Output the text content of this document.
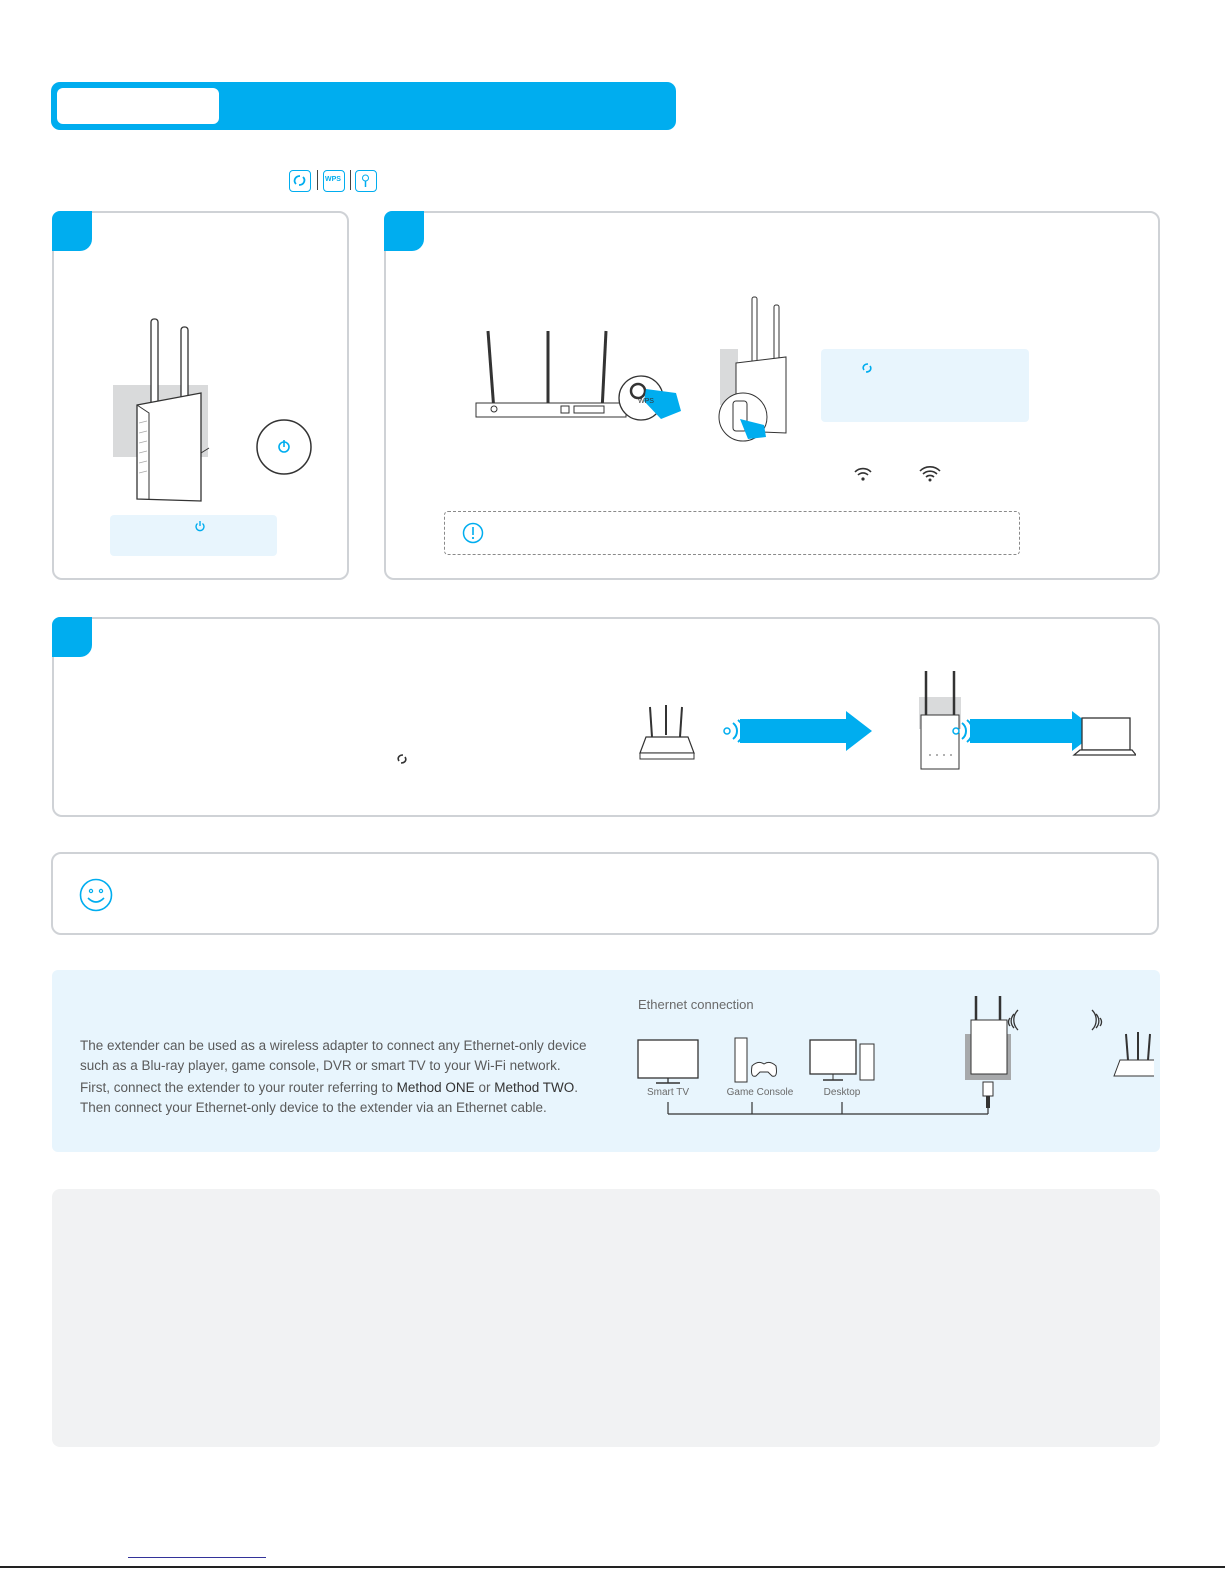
WPS
WPS
The extender can be used as a wireless adapter to connect any Ethernet-only device such as a Blu-ray player, game console, DVR or smart TV to your Wi-Fi network.
First, connect the extender to your router referring to Method ONE or Method TWO.
Then connect your Ethernet-only device to the extender via an Ethernet cable.
Ethernet connection
Smart TV	Game Console	Desktop
